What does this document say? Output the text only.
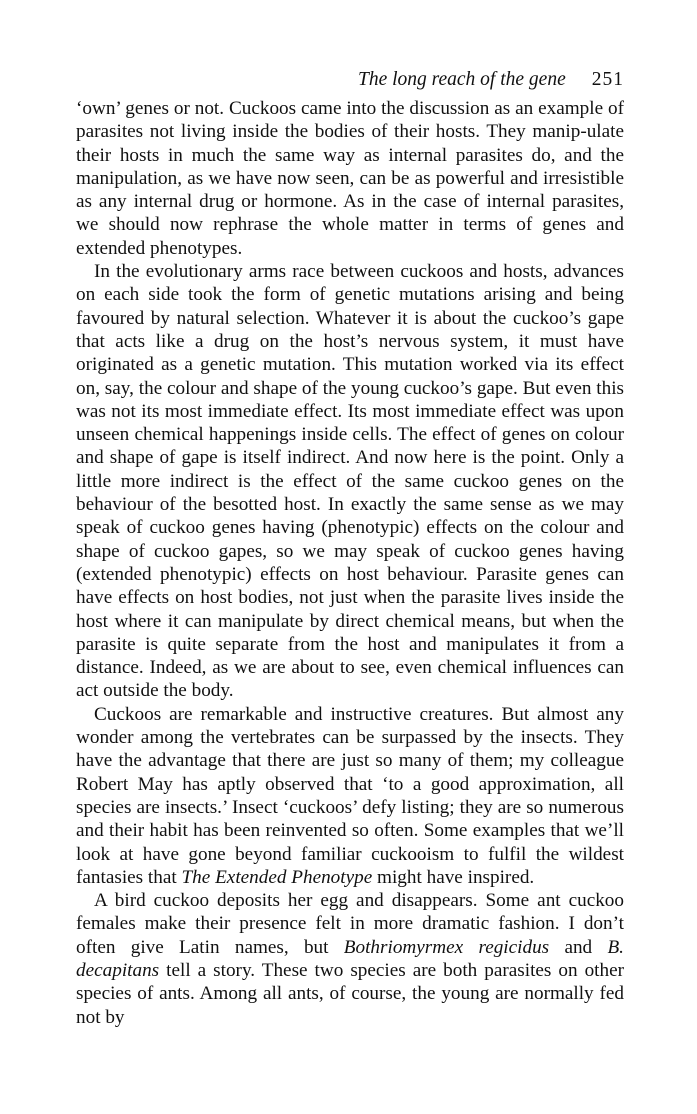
The long reach of the gene 251

‘own’ genes or not. Cuckoos came into the discussion as an example of parasites not living inside the bodies of their hosts. They manip-ulate their hosts in much the same way as internal parasites do, and the manipulation, as we have now seen, can be as powerful and irresistible as any internal drug or hormone. As in the case of internal parasites, we should now rephrase the whole matter in terms of genes and extended phenotypes.

In the evolutionary arms race between cuckoos and hosts, advances on each side took the form of genetic mutations arising and being favoured by natural selection. Whatever it is about the cuckoo’s gape that acts like a drug on the host’s nervous system, it must have originated as a genetic mutation. This mutation worked via its effect on, say, the colour and shape of the young cuckoo’s gape. But even this was not its most immediate effect. Its most immediate effect was upon unseen chemical happenings inside cells. The effect of genes on colour and shape of gape is itself indirect. And now here is the point. Only a little more indirect is the effect of the same cuckoo genes on the behaviour of the besotted host. In exactly the same sense as we may speak of cuckoo genes having (phenotypic) effects on the colour and shape of cuckoo gapes, so we may speak of cuckoo genes having (extended phenotypic) effects on host behaviour. Parasite genes can have effects on host bodies, not just when the parasite lives inside the host where it can manipulate by direct chemical means, but when the parasite is quite separate from the host and manipulates it from a distance. Indeed, as we are about to see, even chemical influences can act outside the body.

Cuckoos are remarkable and instructive creatures. But almost any wonder among the vertebrates can be surpassed by the insects. They have the advantage that there are just so many of them; my colleague Robert May has aptly observed that ‘to a good approximation, all species are insects.’ Insect ‘cuckoos’ defy listing; they are so numerous and their habit has been reinvented so often. Some examples that we’ll look at have gone beyond familiar cuckooism to fulfil the wildest fantasies that The Extended Phenotype might have inspired.

A bird cuckoo deposits her egg and disappears. Some ant cuckoo females make their presence felt in more dramatic fashion. I don’t often give Latin names, but Bothriomyrmex regicidus and B. decapitans tell a story. These two species are both parasites on other species of ants. Among all ants, of course, the young are normally fed not by
